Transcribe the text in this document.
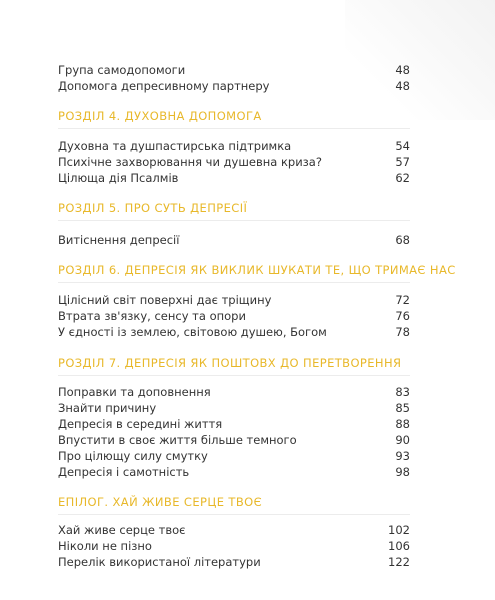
Група самодопомоги	48
Допомога депресивному партнеру	48
РОЗДІЛ 4. ДУХОВНА ДОПОМОГА
Духовна та душпастирська підтримка	54
Психічне захворювання чи душевна криза?	57
Цілюща дія Псалмів	62
РОЗДІЛ 5. ПРО СУТЬ ДЕПРЕСІЇ
Витіснення депресії	68
РОЗДІЛ 6. ДЕПРЕСІЯ ЯК ВИКЛИК ШУКАТИ ТЕ, ЩО ТРИМАЄ НАС
Цілісний світ поверхні дає тріщину	72
Втрата зв'язку, сенсу та опори	76
У єдності із землею, світовою душею, Богом	78
РОЗДІЛ 7. ДЕПРЕСІЯ ЯК ПОШТОВХ ДО ПЕРЕТВОРЕННЯ
Поправки та доповнення	83
Знайти причину	85
Депресія в середині життя	88
Впустити в своє життя більше темного	90
Про цілющу силу смутку	93
Депресія і самотність	98
ЕПІЛОГ. ХАЙ ЖИВЕ СЕРЦЕ ТВОЄ
Хай живе серце твоє	102
Ніколи не пізно	106
Перелік використаної літератури	122
